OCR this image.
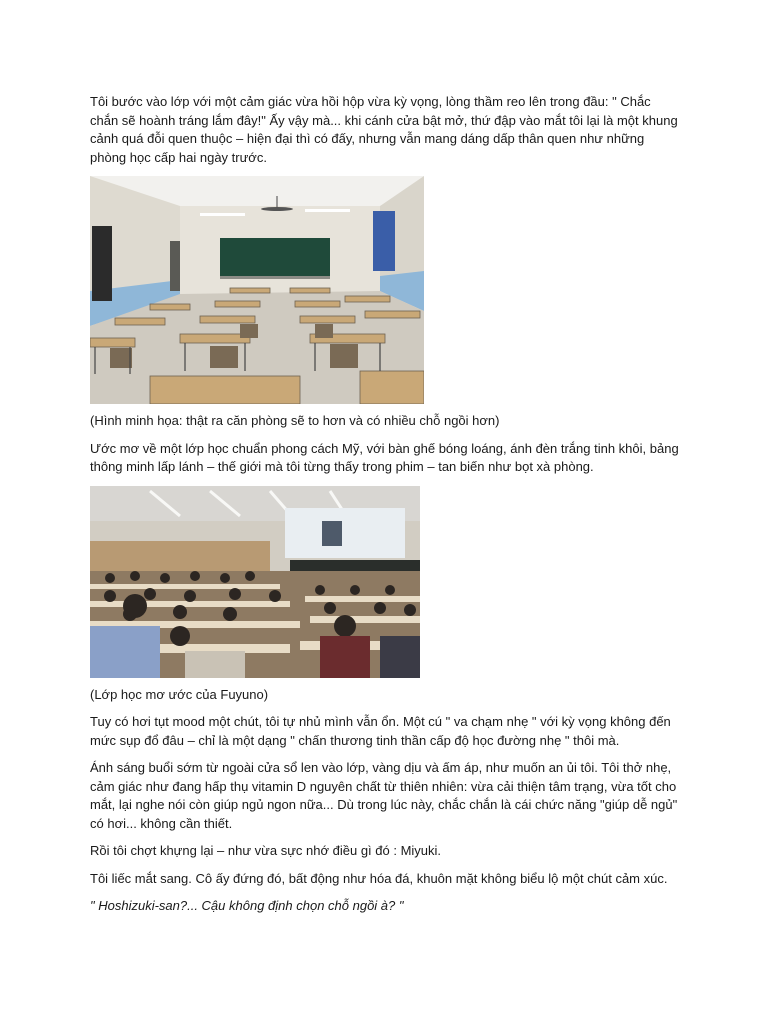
Tôi bước vào lớp với một cảm giác vừa hồi hộp vừa kỳ vọng, lòng thầm reo lên trong đầu: " Chắc chắn sẽ hoành tráng lắm đây!" Ấy vậy mà... khi cánh cửa bật mở, thứ đập vào mắt tôi lại là một khung cảnh quá đỗi quen thuộc – hiện đại thì có đấy, nhưng vẫn mang dáng dấp thân quen như những phòng học cấp hai ngày trước.

(Hình minh họa: thật ra căn phòng sẽ to hơn và có nhiều chỗ ngồi hơn)

Ước mơ về một lớp học chuẩn phong cách Mỹ, với bàn ghế bóng loáng, ánh đèn trắng tinh khôi, bảng thông minh lấp lánh – thế giới mà tôi từng thấy trong phim – tan biến như bọt xà phòng.

(Lớp học mơ ước của Fuyuno)

Tuy có hơi tụt mood một chút, tôi tự nhủ mình vẫn ổn. Một cú " va chạm nhẹ " với kỳ vọng không đến mức sụp đổ đâu – chỉ là một dạng " chấn thương tinh thần cấp độ học đường nhẹ " thôi mà.

Ánh sáng buổi sớm từ ngoài cửa sổ len vào lớp, vàng dịu và ấm áp, như muốn an ủi tôi. Tôi thở nhẹ, cảm giác như đang hấp thụ vitamin D nguyên chất từ thiên nhiên: vừa cải thiện tâm trạng, vừa tốt cho mắt, lại nghe nói còn giúp ngủ ngon nữa... Dù trong lúc này, chắc chắn là cái chức năng "giúp dễ ngủ" có hơi... không cần thiết.

Rồi tôi chợt khựng lại – như vừa sực nhớ điều gì đó : Miyuki.

Tôi liếc mắt sang. Cô ấy đứng đó, bất động như hóa đá, khuôn mặt không biểu lộ một chút cảm xúc.

" Hoshizuki-san?... Cậu không định chọn chỗ ngồi à? "
